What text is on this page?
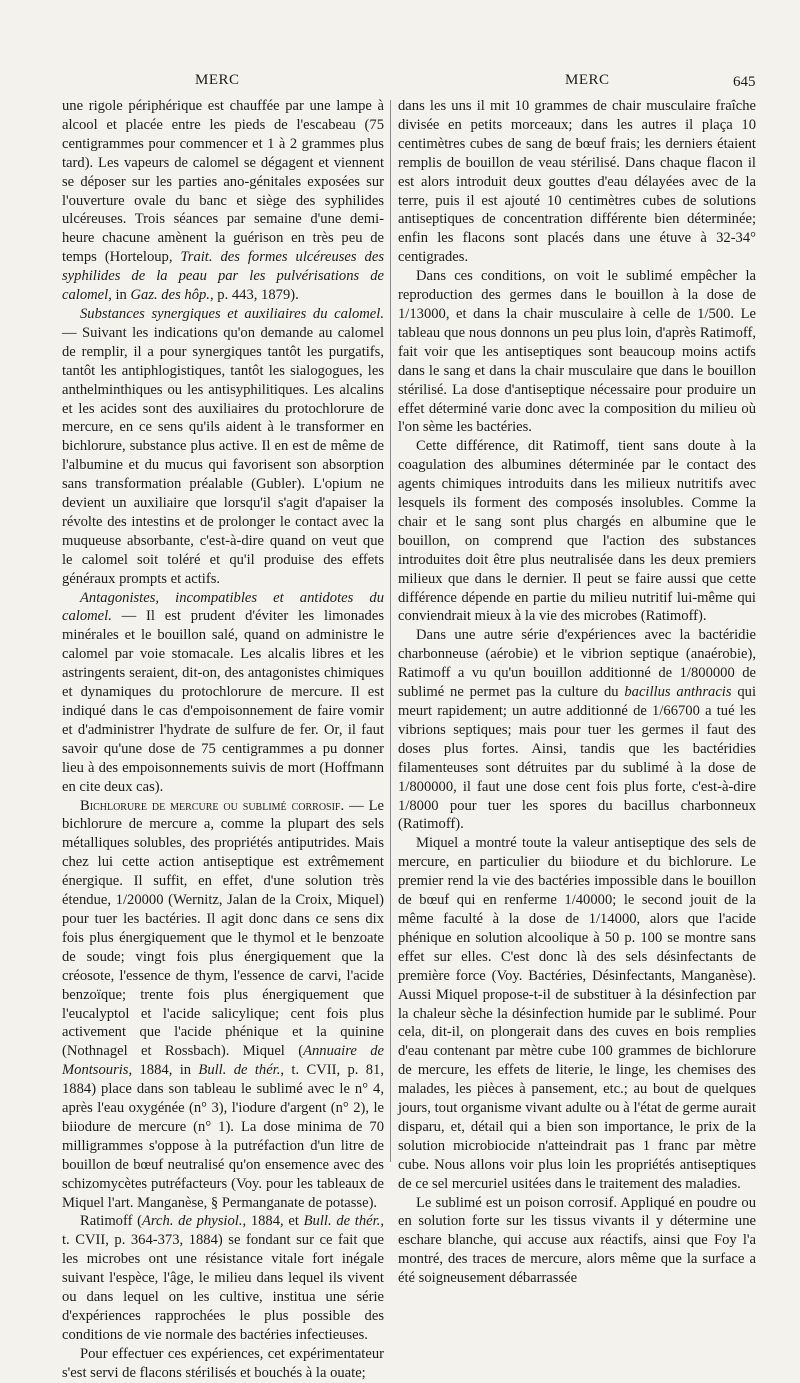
MERC	MERC	645

une rigole périphérique est chauffée par une lampe à alcool et placée entre les pieds de l'escabeau (75 centigrammes pour commencer et 1 à 2 grammes plus tard). Les vapeurs de calomel se dégagent et viennent se déposer sur les parties ano-génitales exposées sur l'ouverture ovale du banc et siège des syphilides ulcéreuses. Trois séances par semaine d'une demi-heure chacune amènent la guérison en très peu de temps (Horteloup, Trait. des formes ulcéreuses des syphilides de la peau par les pulvérisations de calomel, in Gaz. des hôp., p. 443, 1879).

Substances synergiques et auxiliaires du calomel. — Suivant les indications qu'on demande au calomel de remplir, il a pour synergiques tantôt les purgatifs, tantôt les antiphlogistiques, tantôt les sialogogues, les anthelminthiques ou les antisyphilitiques. Les alcalins et les acides sont des auxiliaires du protochlorure de mercure, en ce sens qu'ils aident à le transformer en bichlorure, substance plus active. Il en est de même de l'albumine et du mucus qui favorisent son absorption sans transformation préalable (Gubler). L'opium ne devient un auxiliaire que lorsqu'il s'agit d'apaiser la révolte des intestins et de prolonger le contact avec la muqueuse absorbante, c'est-à-dire quand on veut que le calomel soit toléré et qu'il produise des effets généraux prompts et actifs.

Antagonistes, incompatibles et antidotes du calomel. — Il est prudent d'éviter les limonades minérales et le bouillon salé, quand on administre le calomel par voie stomacale. Les alcalis libres et les astringents seraient, dit-on, des antagonistes chimiques et dynamiques du protochlorure de mercure. Il est indiqué dans le cas d'empoisonnement de faire vomir et d'administrer l'hydrate de sulfure de fer. Or, il faut savoir qu'une dose de 75 centigrammes a pu donner lieu à des empoisonnements suivis de mort (Hoffmann en cite deux cas).

Bichlorure de mercure ou sublimé corrosif. — Le bichlorure de mercure a, comme la plupart des sels métalliques solubles, des propriétés antiputrides. Mais chez lui cette action antiseptique est extrêmement énergique. Il suffit, en effet, d'une solution très étendue, 1/20000 (Wernitz, Jalan de la Croix, Miquel) pour tuer les bactéries. Il agit donc dans ce sens dix fois plus énergiquement que le thymol et le benzoate de soude; vingt fois plus énergiquement que la créosote, l'essence de thym, l'essence de carvi, l'acide benzoïque; trente fois plus énergiquement que l'eucalyptol et l'acide salicylique; cent fois plus activement que l'acide phénique et la quinine (Nothnagel et Rossbach). Miquel (Annuaire de Montsouris, 1884, in Bull. de thér., t. CVII, p. 81, 1884) place dans son tableau le sublimé avec le n° 4, après l'eau oxygénée (n° 3), l'iodure d'argent (n° 2), le biiodure de mercure (n° 1). La dose minima de 70 milligrammes s'oppose à la putréfaction d'un litre de bouillon de bœuf neutralisé qu'on ensemence avec des schizomycètes putréfacteurs (Voy. pour les tableaux de Miquel l'art. Manganèse, § Permanganate de potasse).

Ratimoff (Arch. de physiol., 1884, et Bull. de thér., t. CVII, p. 364-373, 1884) se fondant sur ce fait que les microbes ont une résistance vitale fort inégale suivant l'espèce, l'âge, le milieu dans lequel ils vivent ou dans lequel on les cultive, institua une série d'expériences rapprochées le plus possible des conditions de vie normale des bactéries infectieuses.

Pour effectuer ces expériences, cet expérimentateur s'est servi de flacons stérilisés et bouchés à la ouate;

dans les uns il mit 10 grammes de chair musculaire fraîche divisée en petits morceaux; dans les autres il plaça 10 centimètres cubes de sang de bœuf frais; les derniers étaient remplis de bouillon de veau stérilisé. Dans chaque flacon il est alors introduit deux gouttes d'eau délayées avec de la terre, puis il est ajouté 10 centimètres cubes de solutions antiseptiques de concentration différente bien déterminée; enfin les flacons sont placés dans une étuve à 32-34° centigrades.

Dans ces conditions, on voit le sublimé empêcher la reproduction des germes dans le bouillon à la dose de 1/13000, et dans la chair musculaire à celle de 1/500. Le tableau que nous donnons un peu plus loin, d'après Ratimoff, fait voir que les antiseptiques sont beaucoup moins actifs dans le sang et dans la chair musculaire que dans le bouillon stérilisé. La dose d'antiseptique nécessaire pour produire un effet déterminé varie donc avec la composition du milieu où l'on sème les bactéries.

Cette différence, dit Ratimoff, tient sans doute à la coagulation des albumines déterminée par le contact des agents chimiques introduits dans les milieux nutritifs avec lesquels ils forment des composés insolubles. Comme la chair et le sang sont plus chargés en albumine que le bouillon, on comprend que l'action des substances introduites doit être plus neutralisée dans les deux premiers milieux que dans le dernier. Il peut se faire aussi que cette différence dépende en partie du milieu nutritif lui-même qui conviendrait mieux à la vie des microbes (Ratimoff).

Dans une autre série d'expériences avec la bactéridie charbonneuse (aérobie) et le vibrion septique (anaérobie), Ratimoff a vu qu'un bouillon additionné de 1/800000 de sublimé ne permet pas la culture du bacillus anthracis qui meurt rapidement; un autre additionné de 1/66700 a tué les vibrions septiques; mais pour tuer les germes il faut des doses plus fortes. Ainsi, tandis que les bactéridies filamenteuses sont détruites par du sublimé à la dose de 1/800000, il faut une dose cent fois plus forte, c'est-à-dire 1/8000 pour tuer les spores du bacillus charbonneux (Ratimoff).

Miquel a montré toute la valeur antiseptique des sels de mercure, en particulier du biiodure et du bichlorure. Le premier rend la vie des bactéries impossible dans le bouillon de bœuf qui en renferme 1/40000; le second jouit de la même faculté à la dose de 1/14000, alors que l'acide phénique en solution alcoolique à 50 p. 100 se montre sans effet sur elles. C'est donc là des sels désinfectants de première force (Voy. Bactéries, Désinfectants, Manganèse). Aussi Miquel propose-t-il de substituer à la désinfection par la chaleur sèche la désinfection humide par le sublimé. Pour cela, dit-il, on plongerait dans des cuves en bois remplies d'eau contenant par mètre cube 100 grammes de bichlorure de mercure, les effets de literie, le linge, les chemises des malades, les pièces à pansement, etc.; au bout de quelques jours, tout organisme vivant adulte ou à l'état de germe aurait disparu, et, détail qui a bien son importance, le prix de la solution microbiocide n'atteindrait pas 1 franc par mètre cube. Nous allons voir plus loin les propriétés antiseptiques de ce sel mercuriel usitées dans le traitement des maladies.

Le sublimé est un poison corrosif. Appliqué en poudre ou en solution forte sur les tissus vivants il y détermine une eschare blanche, qui accuse aux réactifs, ainsi que Foy l'a montré, des traces de mercure, alors même que la surface a été soigneusement débarrassée
